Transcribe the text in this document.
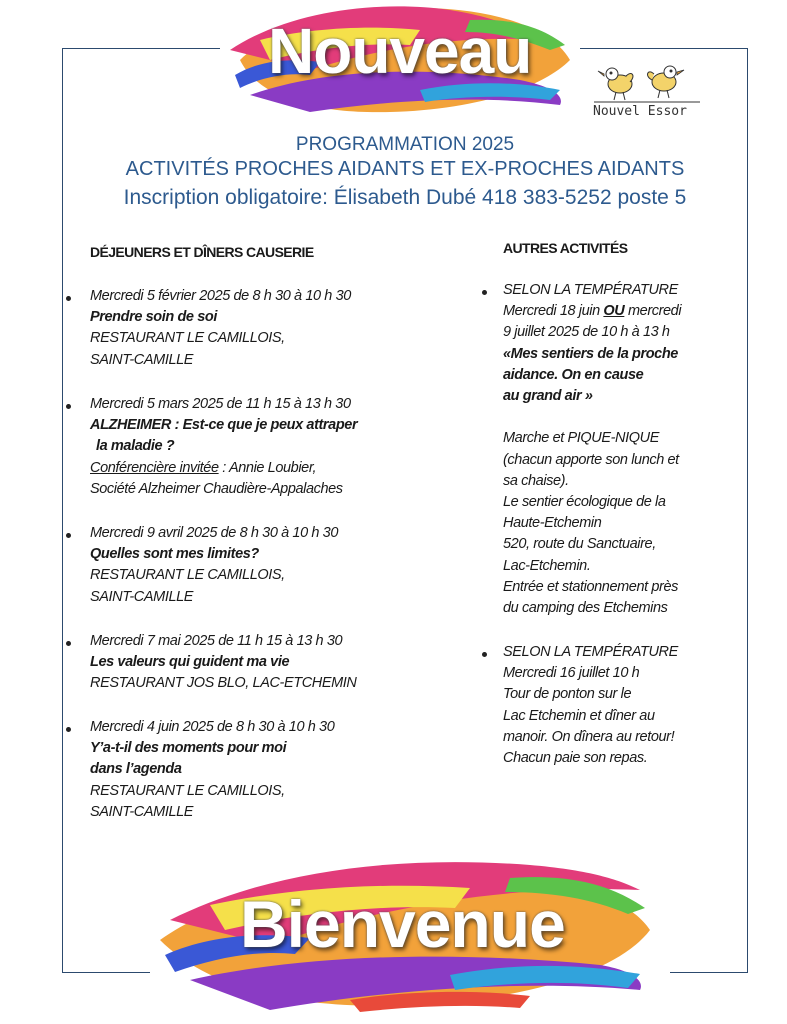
Nouveau
Nouvel Essor
PROGRAMMATION 2025
ACTIVITÉS PROCHES AIDANTS ET EX-PROCHES AIDANTS
Inscription obligatoire: Élisabeth Dubé 418 383-5252 poste 5
DÉJEUNERS ET DÎNERS CAUSERIE
Mercredi 5 février 2025 de 8 h 30 à 10 h 30
Prendre soin de soi
RESTAURANT LE CAMILLOIS,
SAINT-CAMILLE
Mercredi 5 mars 2025 de 11 h 15 à 13 h 30
ALZHEIMER : Est-ce que je peux attraper
la maladie ?
Conférencière invitée : Annie Loubier,
Société Alzheimer Chaudière-Appalaches
Mercredi 9 avril 2025 de 8 h 30 à 10 h 30
Quelles sont mes limites?
RESTAURANT LE CAMILLOIS,
SAINT-CAMILLE
Mercredi 7 mai 2025 de 11 h 15 à 13 h 30
Les valeurs qui guident ma vie
RESTAURANT JOS BLO, LAC-ETCHEMIN
Mercredi 4 juin 2025 de 8 h 30 à 10 h 30
Y’a-t-il des moments pour moi
dans l’agenda
RESTAURANT LE CAMILLOIS,
SAINT-CAMILLE
AUTRES ACTIVITÉS
SELON LA TEMPÉRATURE
Mercredi 18 juin OU mercredi
9 juillet 2025 de 10 h à 13 h
«Mes sentiers de la proche
aidance. On en cause
au grand air »

Marche et PIQUE-NIQUE
(chacun apporte son lunch et
sa chaise).
Le sentier écologique de la
Haute-Etchemin
520, route du Sanctuaire,
Lac-Etchemin.
Entrée et stationnement près
du camping des Etchemins
SELON LA TEMPÉRATURE
Mercredi 16 juillet 10 h
Tour de ponton sur le
Lac Etchemin et dîner au
manoir. On dînera au retour!
Chacun paie son repas.
Bienvenue
